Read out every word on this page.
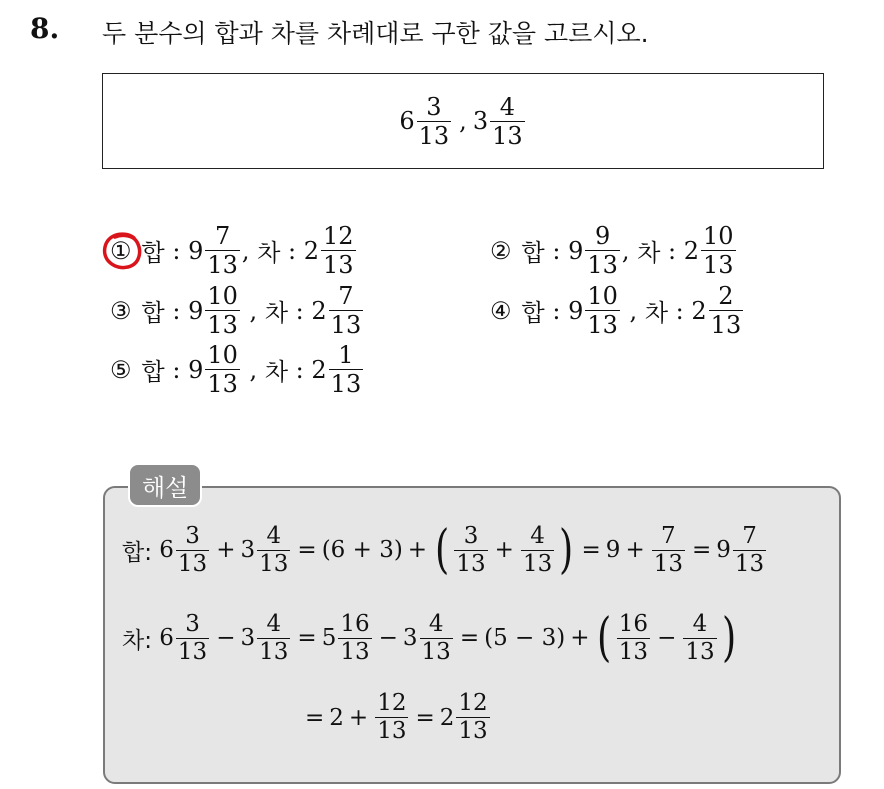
8. 두 분수의 합과 차를 차례대로 구한 값을 고르시오.
$6 \frac{3}{13}$ , $3 \frac{4}{13}$
① 합
:
$9 \frac{7}{13}$ ,
차
:
$2 \frac{12}{13}$	② 합
:
$9 \frac{9}{13}$ ,
차
:
$2 \frac{10}{13}$
③ 합
:
$9 \frac{10}{13}$
,
차
:
$2 \frac{7}{13}$	④ 합
:
$9 \frac{10}{13}$
,
차
:
$2 \frac{2}{13}$
⑤ 합
:
$9 \frac{10}{13}$
,
차
:
$2 \frac{1}{13}$
해설
합:
$6 \frac{3}{13} + 3 \frac{4}{13} = (6 + 3)$ + ( $\frac{3}{13} + \frac{4}{13}$ ) = $9 + \frac{7}{13} = 9 \frac{7}{13}$
차:
$6 \frac{3}{13} - 3 \frac{4}{13} = 5 \frac{16}{13} - 3 \frac{4}{13} = (5 - 3)$ + ( $\frac{16}{13} - \frac{4}{13}$ )
= $2 + \frac{12}{13} = 2 \frac{12}{13}$
